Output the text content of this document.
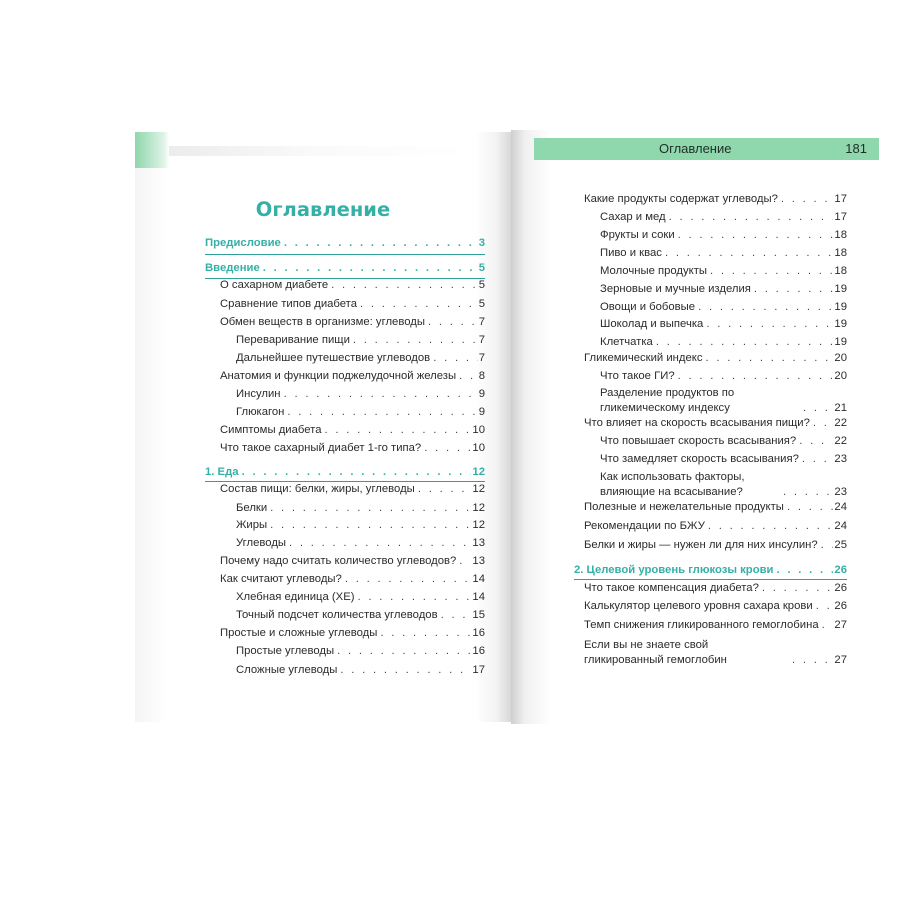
Оглавление
Предисловие . . .	3
Введение . . .	5
О сахарном диабете . . .	5
Сравнение типов диабета . . .	5
Обмен веществ в организме: углеводы . . .	7
Переваривание пищи . . .	7
Дальнейшее путешествие углеводов . . .	7
Анатомия и функции поджелудочной железы . . . 8
Инсулин . . .	9
Глюкагон . . .	9
Симптомы диабета . . .	10
Что такое сахарный диабет 1-го типа? . . .	10
1. Еда . . .	12
Состав пищи: белки, жиры, углеводы . . .	12
Белки . . .	12
Жиры . . .	12
Углеводы . . .	13
Почему надо считать количество углеводов? . . . 13
Как считают углеводы? . . .	14
Хлебная единица (ХЕ) . . .	14
Точный подсчет количества углеводов . . .	15
Простые и сложные углеводы . . .	16
Простые углеводы . . .	16
Сложные углеводы . . .	17
Оглавление	181
Какие продукты содержат углеводы? . . .	17
Сахар и мед . . .	17
Фрукты и соки . . .	18
Пиво и квас . . .	18
Молочные продукты . . .	18
Зерновые и мучные изделия . . .	19
Овощи и бобовые . . .	19
Шоколад и выпечка . . .	19
Клетчатка . . .	19
Гликемический индекс . . .	20
Что такое ГИ? . . .	20
Разделение продуктов по гликемическому индексу . . .	21
Что влияет на скорость всасывания пищи? . . . 22
Что повышает скорость всасывания? . . .	22
Что замедляет скорость всасывания? . . .	23
Как использовать факторы, влияющие на всасывание? . . .	23
Полезные и нежелательные продукты . . .	24
Рекомендации по БЖУ . . .	24
Белки и жиры — нужен ли для них инсулин? . . . 25
2. Целевой уровень глюкозы крови . . .	26
Что такое компенсация диабета? . . .	26
Калькулятор целевого уровня сахара крови . . . 26
Темп снижения гликированного гемоглобина . . . 27
Если вы не знаете свой гликированный гемоглобин . . .	27
